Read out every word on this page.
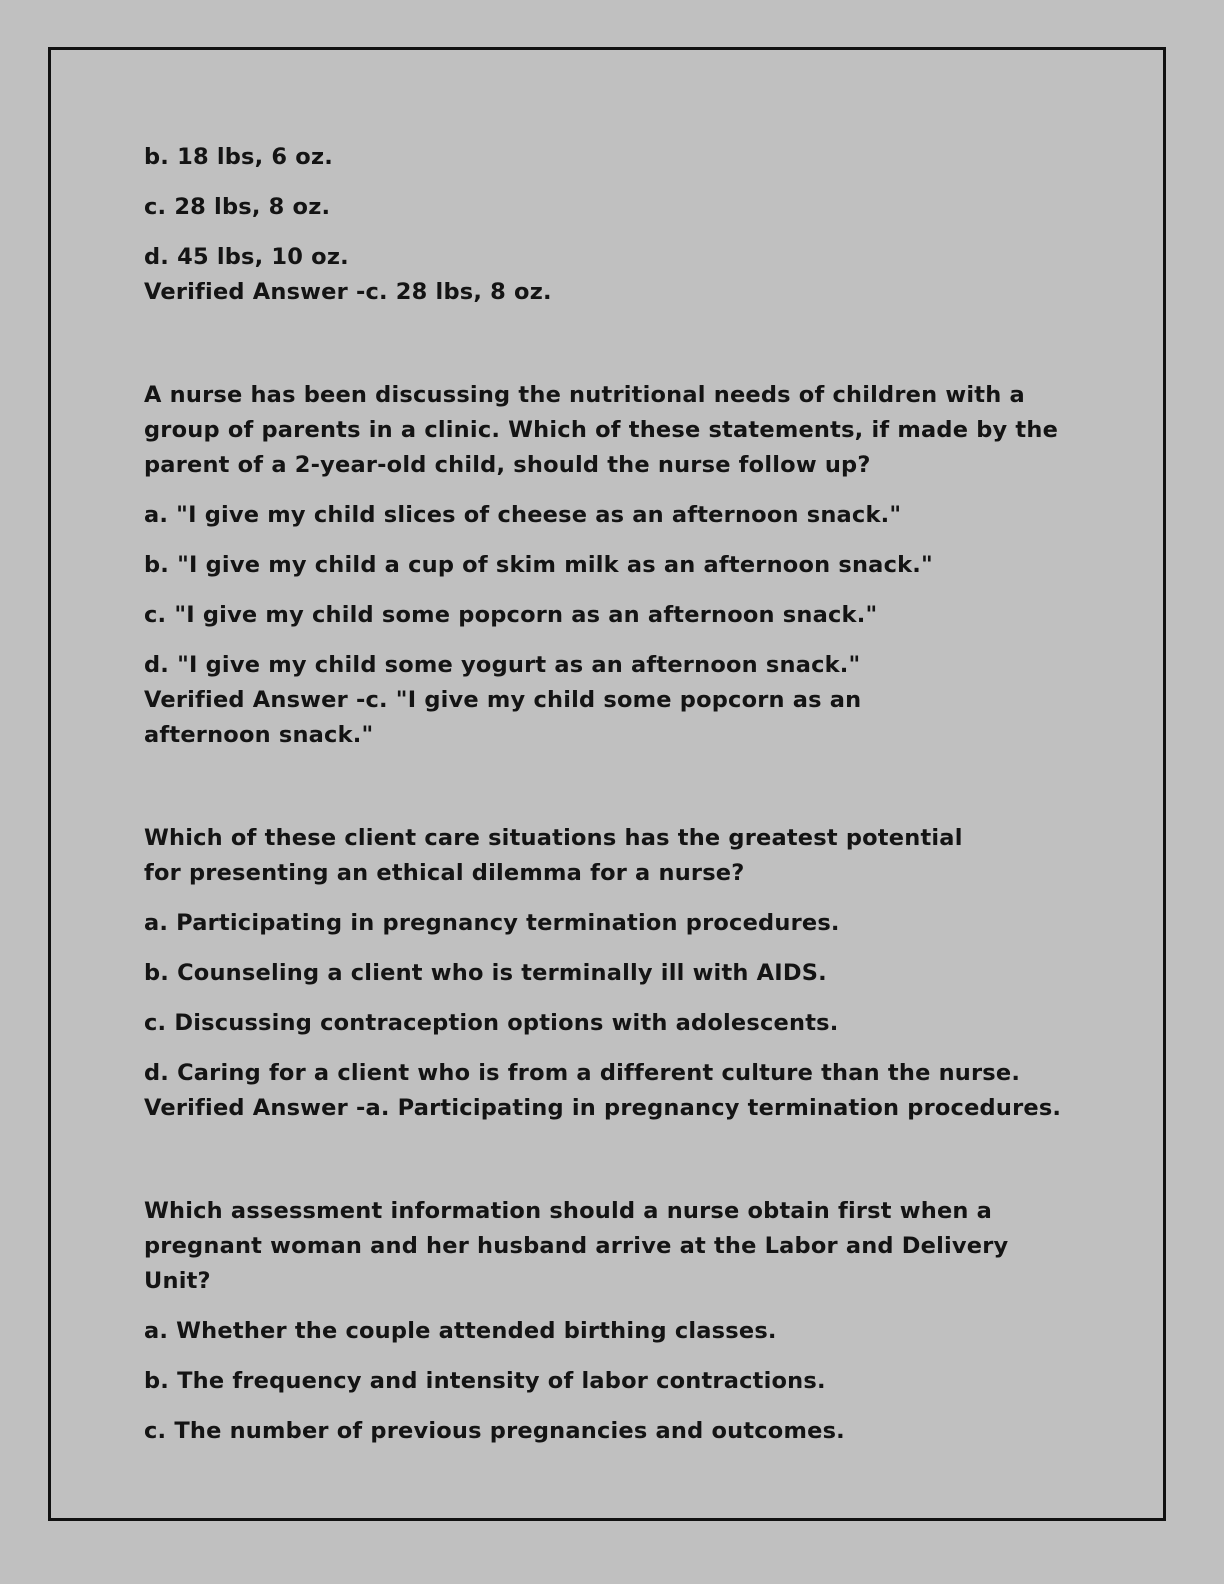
b. 18 lbs, 6 oz.
c. 28 lbs, 8 oz.
d. 45 lbs, 10 oz.
Verified Answer -c. 28 lbs, 8 oz.
A nurse has been discussing the nutritional needs of children with a group of parents in a clinic. Which of these statements, if made by the parent of a 2-year-old child, should the nurse follow up?
a. "I give my child slices of cheese as an afternoon snack."
b. "I give my child a cup of skim milk as an afternoon snack."
c. "I give my child some popcorn as an afternoon snack."
d. "I give my child some yogurt as an afternoon snack."
Verified Answer -c. "I give my child some popcorn as an afternoon snack."
Which of these client care situations has the greatest potential for presenting an ethical dilemma for a nurse?
a. Participating in pregnancy termination procedures.
b. Counseling a client who is terminally ill with AIDS.
c. Discussing contraception options with adolescents.
d. Caring for a client who is from a different culture than the nurse.
Verified Answer -a. Participating in pregnancy termination procedures.
Which assessment information should a nurse obtain first when a pregnant woman and her husband arrive at the Labor and Delivery Unit?
a. Whether the couple attended birthing classes.
b. The frequency and intensity of labor contractions.
c. The number of previous pregnancies and outcomes.
